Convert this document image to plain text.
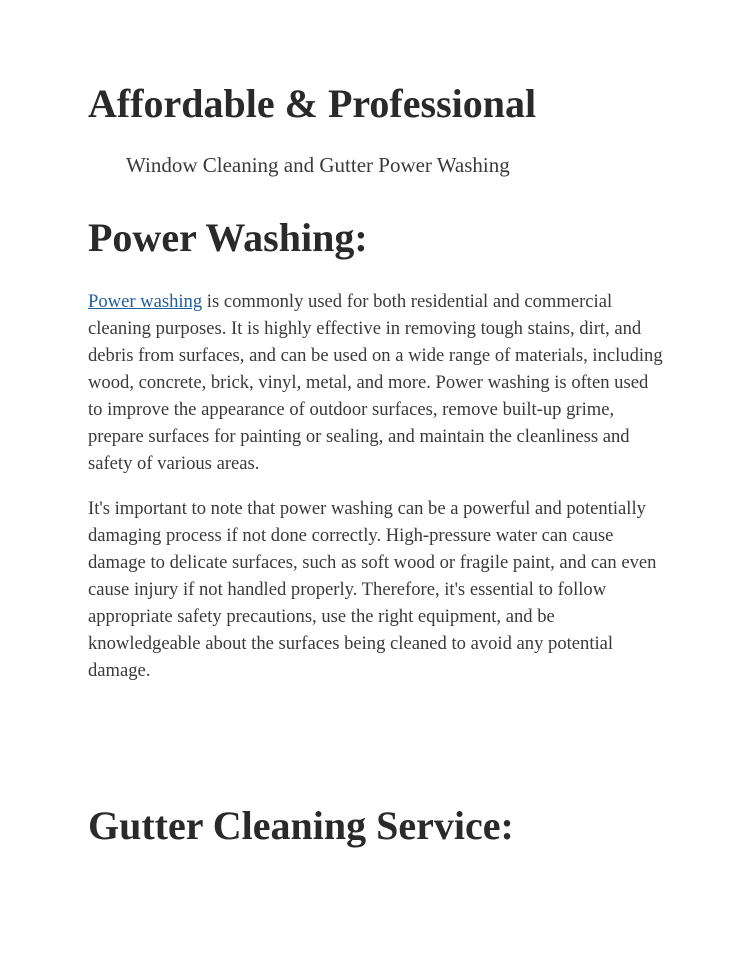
Affordable & Professional
Window Cleaning and Gutter Power Washing
Power Washing:

Power washing is commonly used for both residential and commercial cleaning purposes. It is highly effective in removing tough stains, dirt, and debris from surfaces, and can be used on a wide range of materials, including wood, concrete, brick, vinyl, metal, and more. Power washing is often used to improve the appearance of outdoor surfaces, remove built-up grime, prepare surfaces for painting or sealing, and maintain the cleanliness and safety of various areas.

It's important to note that power washing can be a powerful and potentially damaging process if not done correctly. High-pressure water can cause damage to delicate surfaces, such as soft wood or fragile paint, and can even cause injury if not handled properly. Therefore, it's essential to follow appropriate safety precautions, use the right equipment, and be knowledgeable about the surfaces being cleaned to avoid any potential damage.

Gutter Cleaning Service:
